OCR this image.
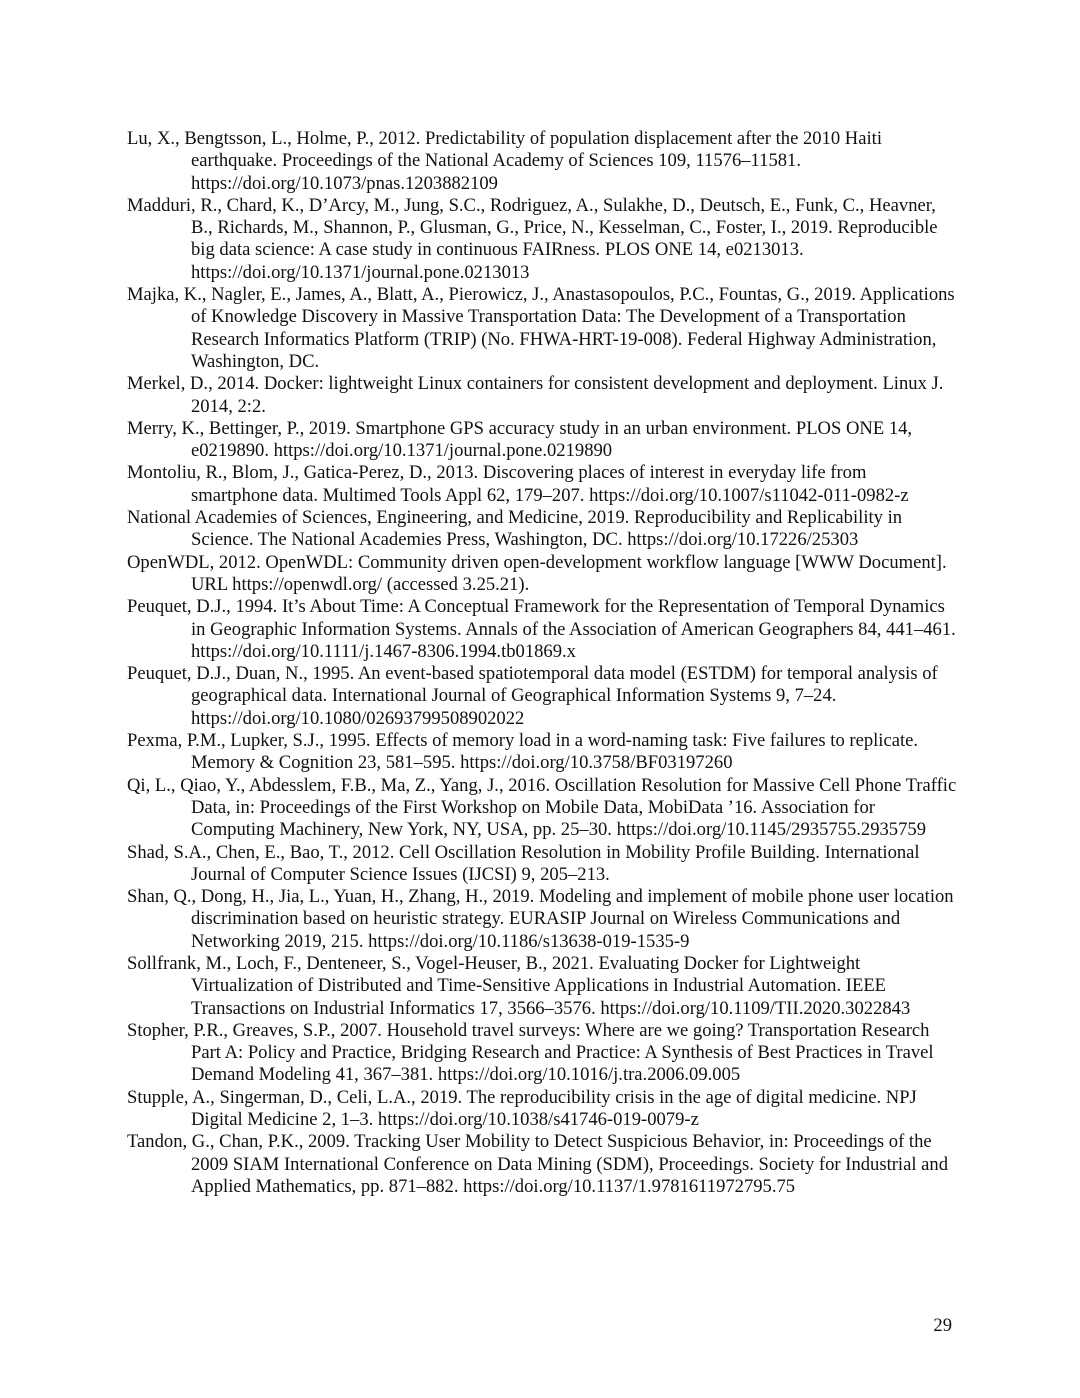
Lu, X., Bengtsson, L., Holme, P., 2012. Predictability of population displacement after the 2010 Haiti earthquake. Proceedings of the National Academy of Sciences 109, 11576–11581. https://doi.org/10.1073/pnas.1203882109
Madduri, R., Chard, K., D’Arcy, M., Jung, S.C., Rodriguez, A., Sulakhe, D., Deutsch, E., Funk, C., Heavner, B., Richards, M., Shannon, P., Glusman, G., Price, N., Kesselman, C., Foster, I., 2019. Reproducible big data science: A case study in continuous FAIRness. PLOS ONE 14, e0213013. https://doi.org/10.1371/journal.pone.0213013
Majka, K., Nagler, E., James, A., Blatt, A., Pierowicz, J., Anastasopoulos, P.C., Fountas, G., 2019. Applications of Knowledge Discovery in Massive Transportation Data: The Development of a Transportation Research Informatics Platform (TRIP) (No. FHWA-HRT-19-008). Federal Highway Administration, Washington, DC.
Merkel, D., 2014. Docker: lightweight Linux containers for consistent development and deployment. Linux J. 2014, 2:2.
Merry, K., Bettinger, P., 2019. Smartphone GPS accuracy study in an urban environment. PLOS ONE 14, e0219890. https://doi.org/10.1371/journal.pone.0219890
Montoliu, R., Blom, J., Gatica-Perez, D., 2013. Discovering places of interest in everyday life from smartphone data. Multimed Tools Appl 62, 179–207. https://doi.org/10.1007/s11042-011-0982-z
National Academies of Sciences, Engineering, and Medicine, 2019. Reproducibility and Replicability in Science. The National Academies Press, Washington, DC. https://doi.org/10.17226/25303
OpenWDL, 2012. OpenWDL: Community driven open-development workflow language [WWW Document]. URL https://openwdl.org/ (accessed 3.25.21).
Peuquet, D.J., 1994. It’s About Time: A Conceptual Framework for the Representation of Temporal Dynamics in Geographic Information Systems. Annals of the Association of American Geographers 84, 441–461. https://doi.org/10.1111/j.1467-8306.1994.tb01869.x
Peuquet, D.J., Duan, N., 1995. An event-based spatiotemporal data model (ESTDM) for temporal analysis of geographical data. International Journal of Geographical Information Systems 9, 7–24. https://doi.org/10.1080/02693799508902022
Pexma, P.M., Lupker, S.J., 1995. Effects of memory load in a word-naming task: Five failures to replicate. Memory & Cognition 23, 581–595. https://doi.org/10.3758/BF03197260
Qi, L., Qiao, Y., Abdesslem, F.B., Ma, Z., Yang, J., 2016. Oscillation Resolution for Massive Cell Phone Traffic Data, in: Proceedings of the First Workshop on Mobile Data, MobiData ’16. Association for Computing Machinery, New York, NY, USA, pp. 25–30. https://doi.org/10.1145/2935755.2935759
Shad, S.A., Chen, E., Bao, T., 2012. Cell Oscillation Resolution in Mobility Profile Building. International Journal of Computer Science Issues (IJCSI) 9, 205–213.
Shan, Q., Dong, H., Jia, L., Yuan, H., Zhang, H., 2019. Modeling and implement of mobile phone user location discrimination based on heuristic strategy. EURASIP Journal on Wireless Communications and Networking 2019, 215. https://doi.org/10.1186/s13638-019-1535-9
Sollfrank, M., Loch, F., Denteneer, S., Vogel-Heuser, B., 2021. Evaluating Docker for Lightweight Virtualization of Distributed and Time-Sensitive Applications in Industrial Automation. IEEE Transactions on Industrial Informatics 17, 3566–3576. https://doi.org/10.1109/TII.2020.3022843
Stopher, P.R., Greaves, S.P., 2007. Household travel surveys: Where are we going? Transportation Research Part A: Policy and Practice, Bridging Research and Practice: A Synthesis of Best Practices in Travel Demand Modeling 41, 367–381. https://doi.org/10.1016/j.tra.2006.09.005
Stupple, A., Singerman, D., Celi, L.A., 2019. The reproducibility crisis in the age of digital medicine. NPJ Digital Medicine 2, 1–3. https://doi.org/10.1038/s41746-019-0079-z
Tandon, G., Chan, P.K., 2009. Tracking User Mobility to Detect Suspicious Behavior, in: Proceedings of the 2009 SIAM International Conference on Data Mining (SDM), Proceedings. Society for Industrial and Applied Mathematics, pp. 871–882. https://doi.org/10.1137/1.9781611972795.75
29
